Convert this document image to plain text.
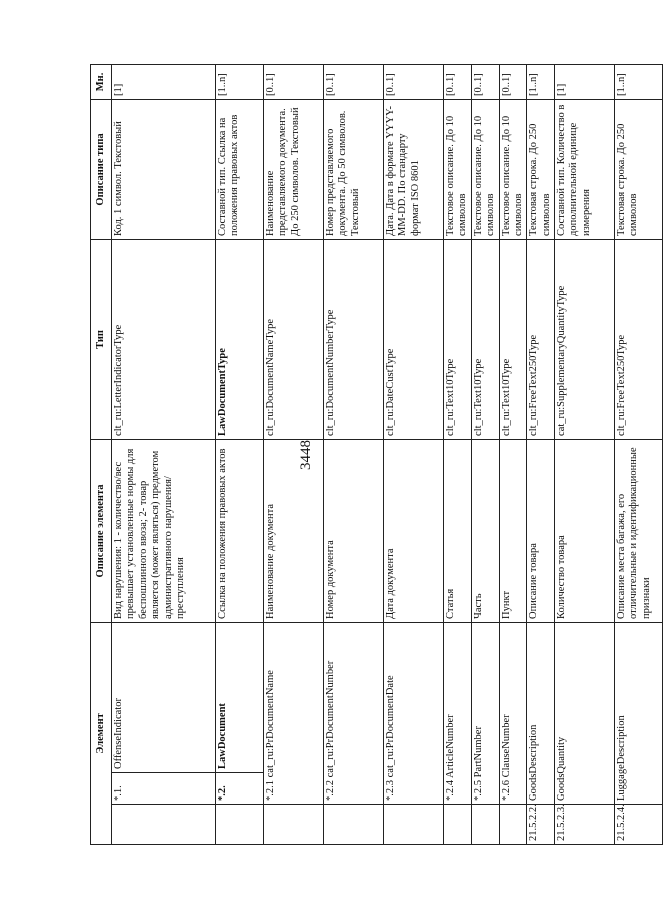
3448
Элемент			Описание элемента	Тип	Описание типа	Мн.
	*.1.	OffenseIndicator	Вид нарушения: 1 - количество/вес превышает установленные нормы для беспошлинного ввоза; 2- товар является (может являться) предметом административного нарушения/преступления	clt_ru:LetterIndicatorType	Код. 1 символ. Текстовый	[1]
	*.2.	LawDocument	Ссылка на положения правовых актов	LawDocumentType	Составной тип. Ссылка на положения правовых актов	[1..n]
	*.2.1 cat_ru:PrDocumentName		Наименование документа	clt_ru:DocumentNameType	Наименование представляемого документа. До 250 символов. Текстовый	[0..1]
	*.2.2 cat_ru:PrDocumentNumber		Номер документа	clt_ru:DocumentNumberType	Номер представляемого документа. До 50 символов. Текстовый	[0..1]
	*.2.3 cat_ru:PrDocumentDate		Дата документа	clt_ru:DateCustType	Дата. Дата в формате YYYY-MM-DD. По стандарту формат ISO 8601	[0..1]
	*.2.4 ArticleNumber		Статья	clt_ru:Text10Type	Текстовое описание. До 10 символов	[0..1]
	*.2.5 PartNumber		Часть	clt_ru:Text10Type	Текстовое описание. До 10 символов	[0..1]
	*.2.6 ClauseNumber		Пункт	clt_ru:Text10Type	Текстовое описание. До 10 символов	[0..1]
21.5.2.2.	GoodsDescription		Описание товара	clt_ru:FreeText250Type	Текстовая строка. До 250 символов	[1..n]
21.5.2.3.	GoodsQuantity		Количество товара	cat_ru:SupplementaryQuantityType	Составной тип. Количество в дополнительной единице измерения	[1]
21.5.2.4.	LuggageDescription		Описание места багажа, его отличительные и идентификационные признаки	clt_ru:FreeText250Type	Текстовая строка. До 250 символов	[1..n]
